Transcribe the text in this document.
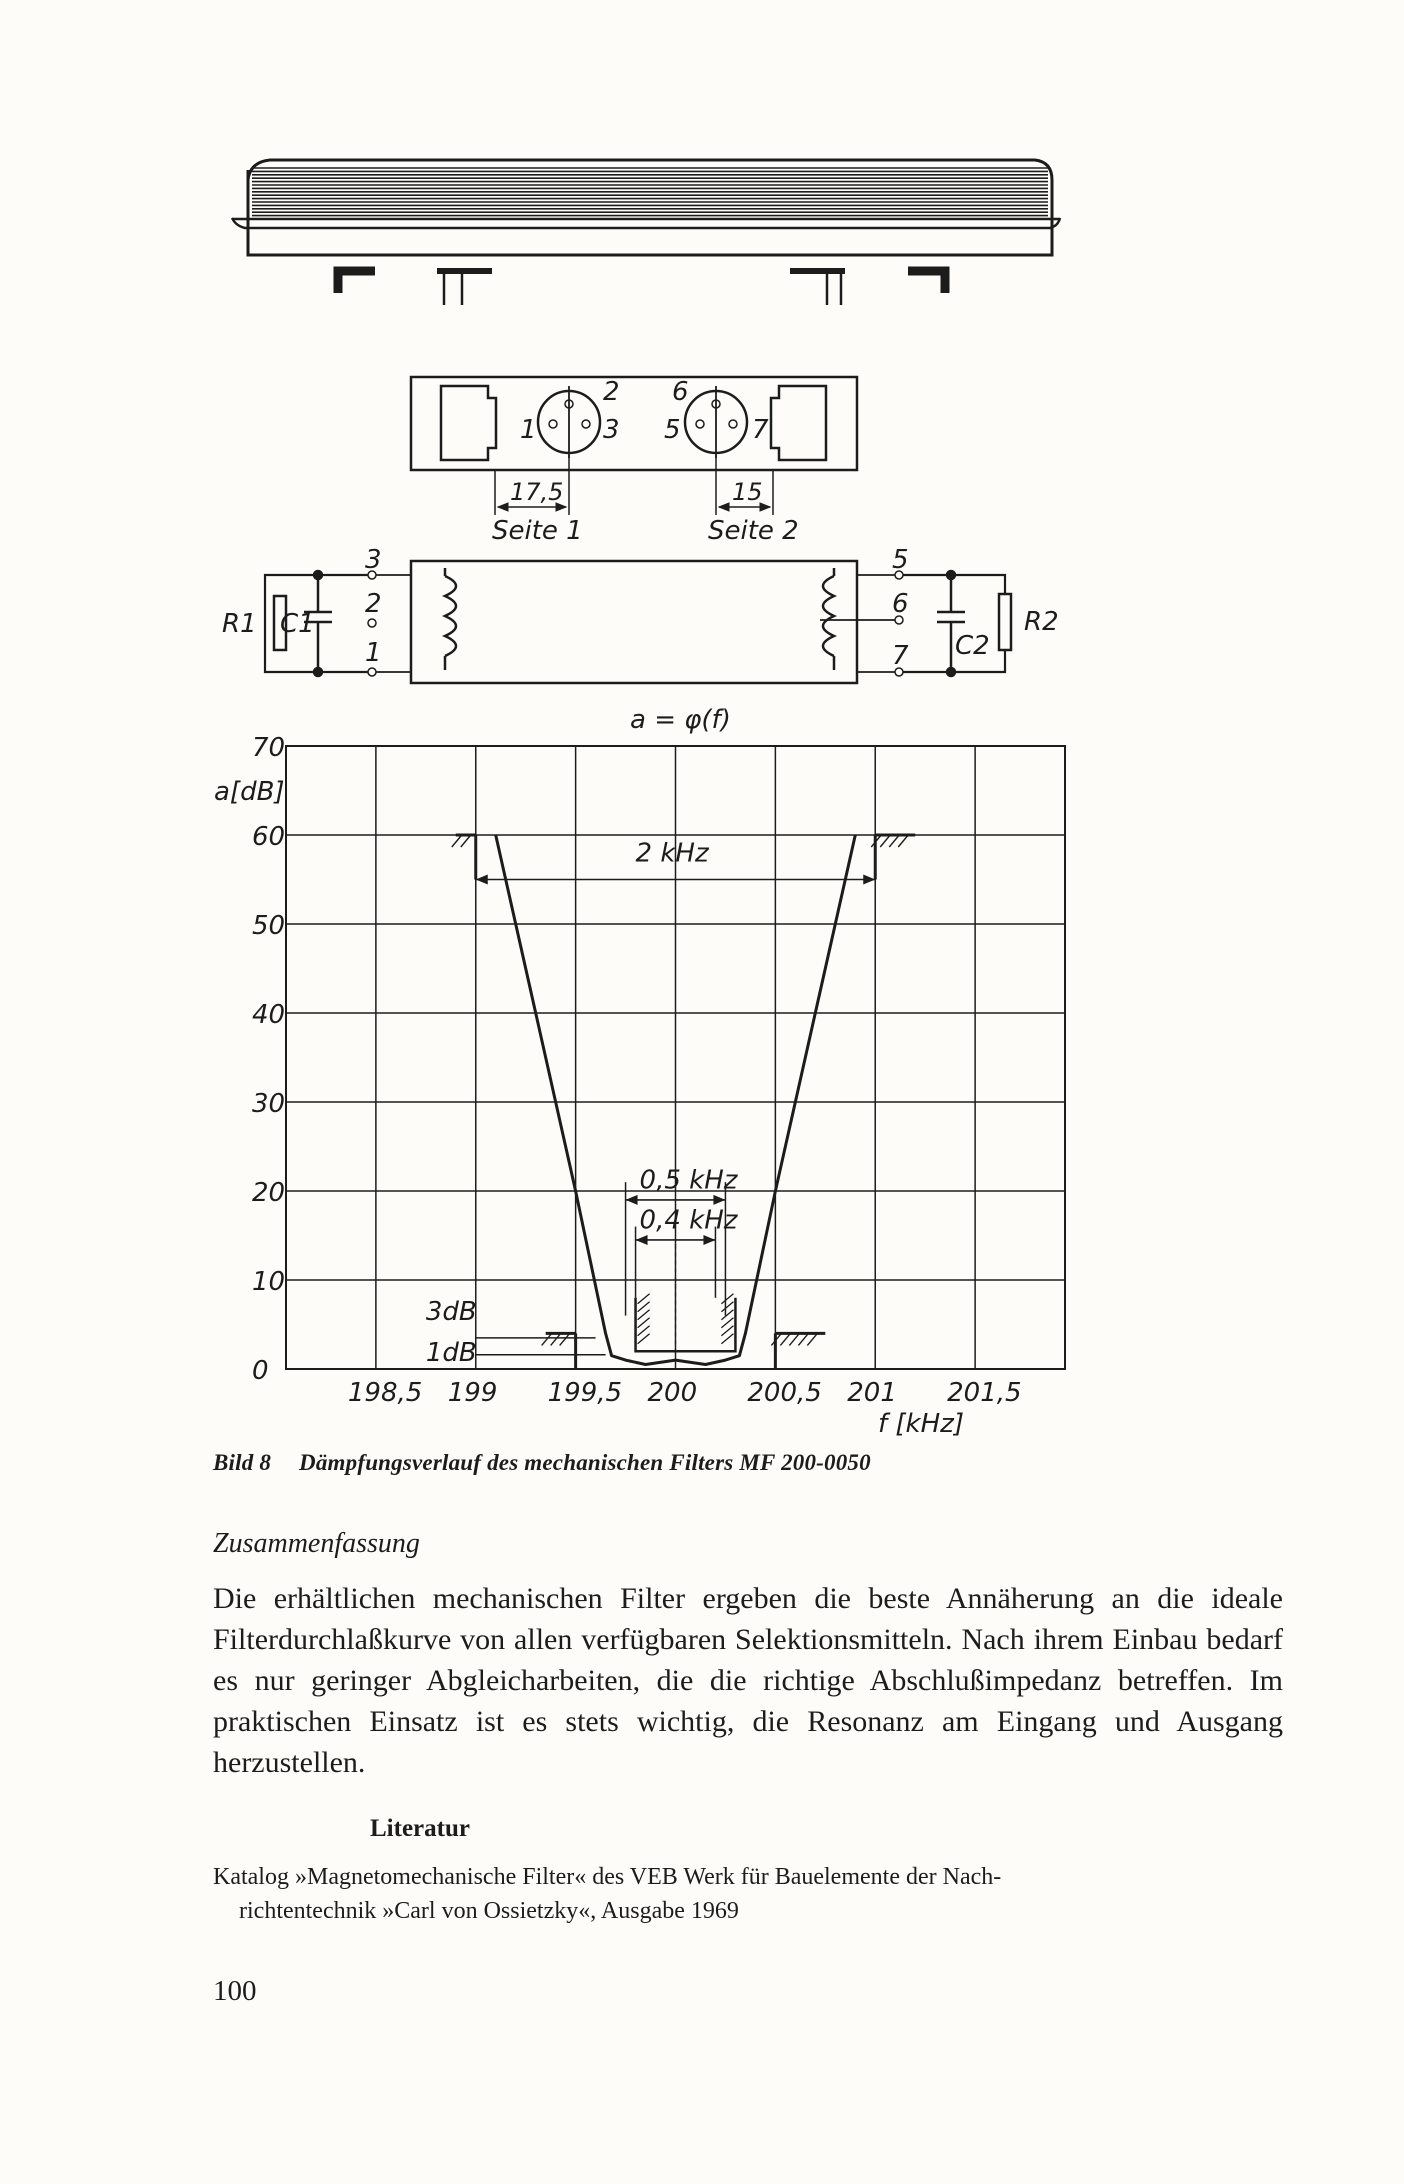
1
2
3
6
5	7
17,5	15
Seite 1	Seite 2
R1 C1
3
2
1
5
6
7 C2
R2
2 kHz
0,5 kHz
0,4 kHz
3dB
1dB
0
10
20
30
40
50
60
70
198,5 199 199,5 200 200,5 201 201,5
a = φ(f)
a[dB]
f [kHz]
Bild 8 Dämpfungsverlauf des mechanischen Filters MF 200-0050
Zusammenfassung
Die erhältlichen mechanischen Filter ergeben die beste Annäherung an die ideale Filterdurchlaßkurve von allen verfügbaren Selektionsmitteln. Nach ihrem Einbau bedarf es nur geringer Abgleicharbeiten, die die richtige Abschlußimpedanz betreffen. Im praktischen Einsatz ist es stets wichtig, die Resonanz am Eingang und Ausgang herzustellen.
Literatur
Katalog »Magnetomechanische Filter« des VEB Werk für Bauelemente der Nach-
richtentechnik »Carl von Ossietzky«, Ausgabe 1969
100
